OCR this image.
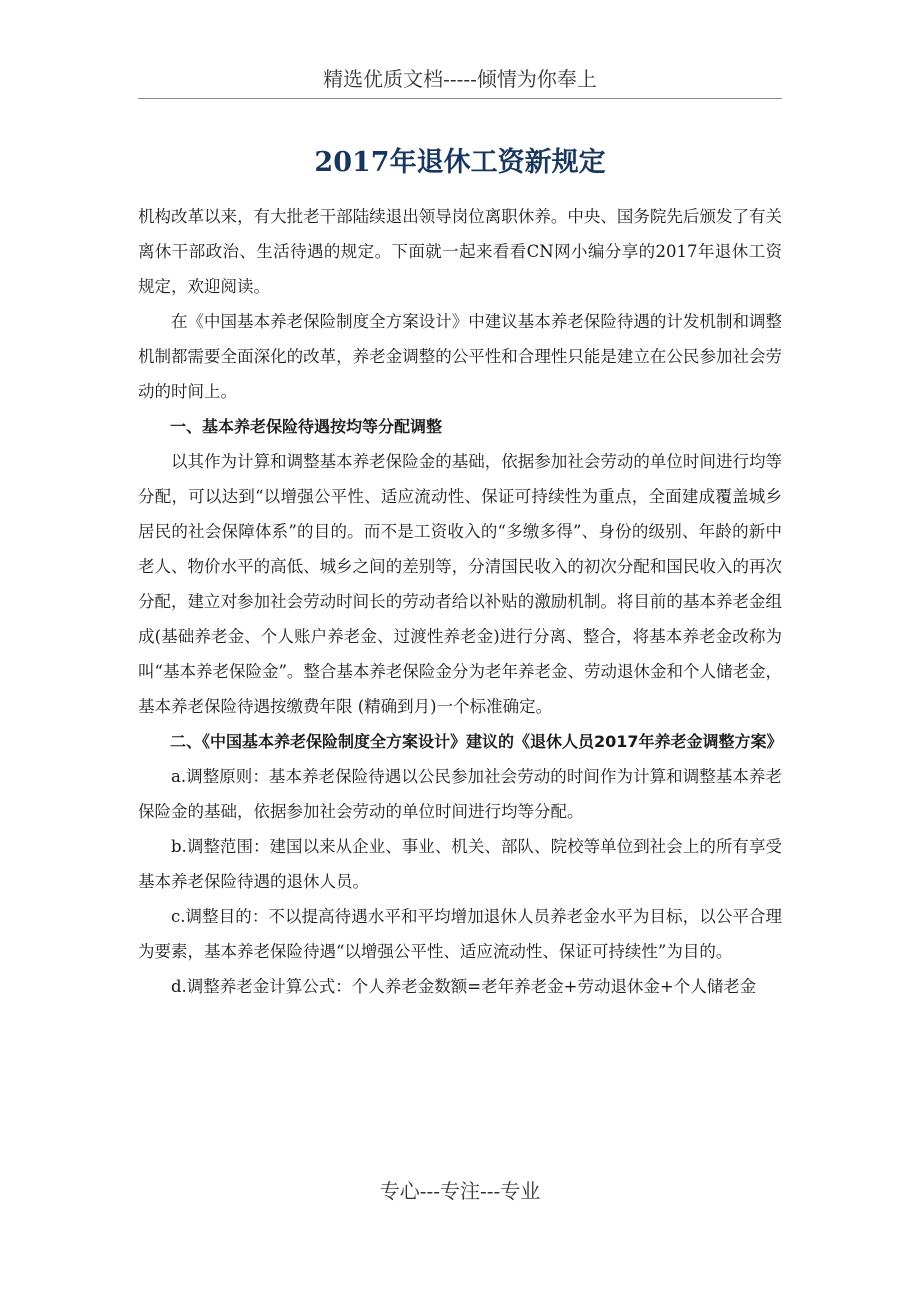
精选优质文档-----倾情为你奉上
2017年退休工资新规定

机构改革以来，有大批老干部陆续退出领导岗位离职休养。中央、国务院先后颁发了有关离休干部政治、生活待遇的规定。下面就一起来看看CN网小编分享的2017年退休工资规定，欢迎阅读。

在《中国基本养老保险制度全方案设计》中建议基本养老保险待遇的计发机制和调整机制都需要全面深化的改革，养老金调整的公平性和合理性只能是建立在公民参加社会劳动的时间上。

一、基本养老保险待遇按均等分配调整

以其作为计算和调整基本养老保险金的基础，依据参加社会劳动的单位时间进行均等分配，可以达到“以增强公平性、适应流动性、保证可持续性为重点，全面建成覆盖城乡居民的社会保障体系”的目的。而不是工资收入的“多缴多得”、身份的级别、年龄的新中老人、物价水平的高低、城乡之间的差别等，分清国民收入的初次分配和国民收入的再次分配，建立对参加社会劳动时间长的劳动者给以补贴的激励机制。将目前的基本养老金组成(基础养老金、个人账户养老金、过渡性养老金)进行分离、整合，将基本养老金改称为叫“基本养老保险金”。整合基本养老保险金分为老年养老金、劳动退休金和个人储老金，基本养老保险待遇按缴费年限 (精确到月)一个标准确定。

二、《中国基本养老保险制度全方案设计》建议的《退休人员2017年养老金调整方案》

a.调整原则：基本养老保险待遇以公民参加社会劳动的时间作为计算和调整基本养老保险金的基础，依据参加社会劳动的单位时间进行均等分配。

b.调整范围：建国以来从企业、事业、机关、部队、院校等单位到社会上的所有享受基本养老保险待遇的退休人员。

c.调整目的：不以提高待遇水平和平均增加退休人员养老金水平为目标，以公平合理为要素，基本养老保险待遇“以增强公平性、适应流动性、保证可持续性”为目的。

d.调整养老金计算公式：个人养老金数额=老年养老金+劳动退休金+个人储老金

专心---专注---专业
